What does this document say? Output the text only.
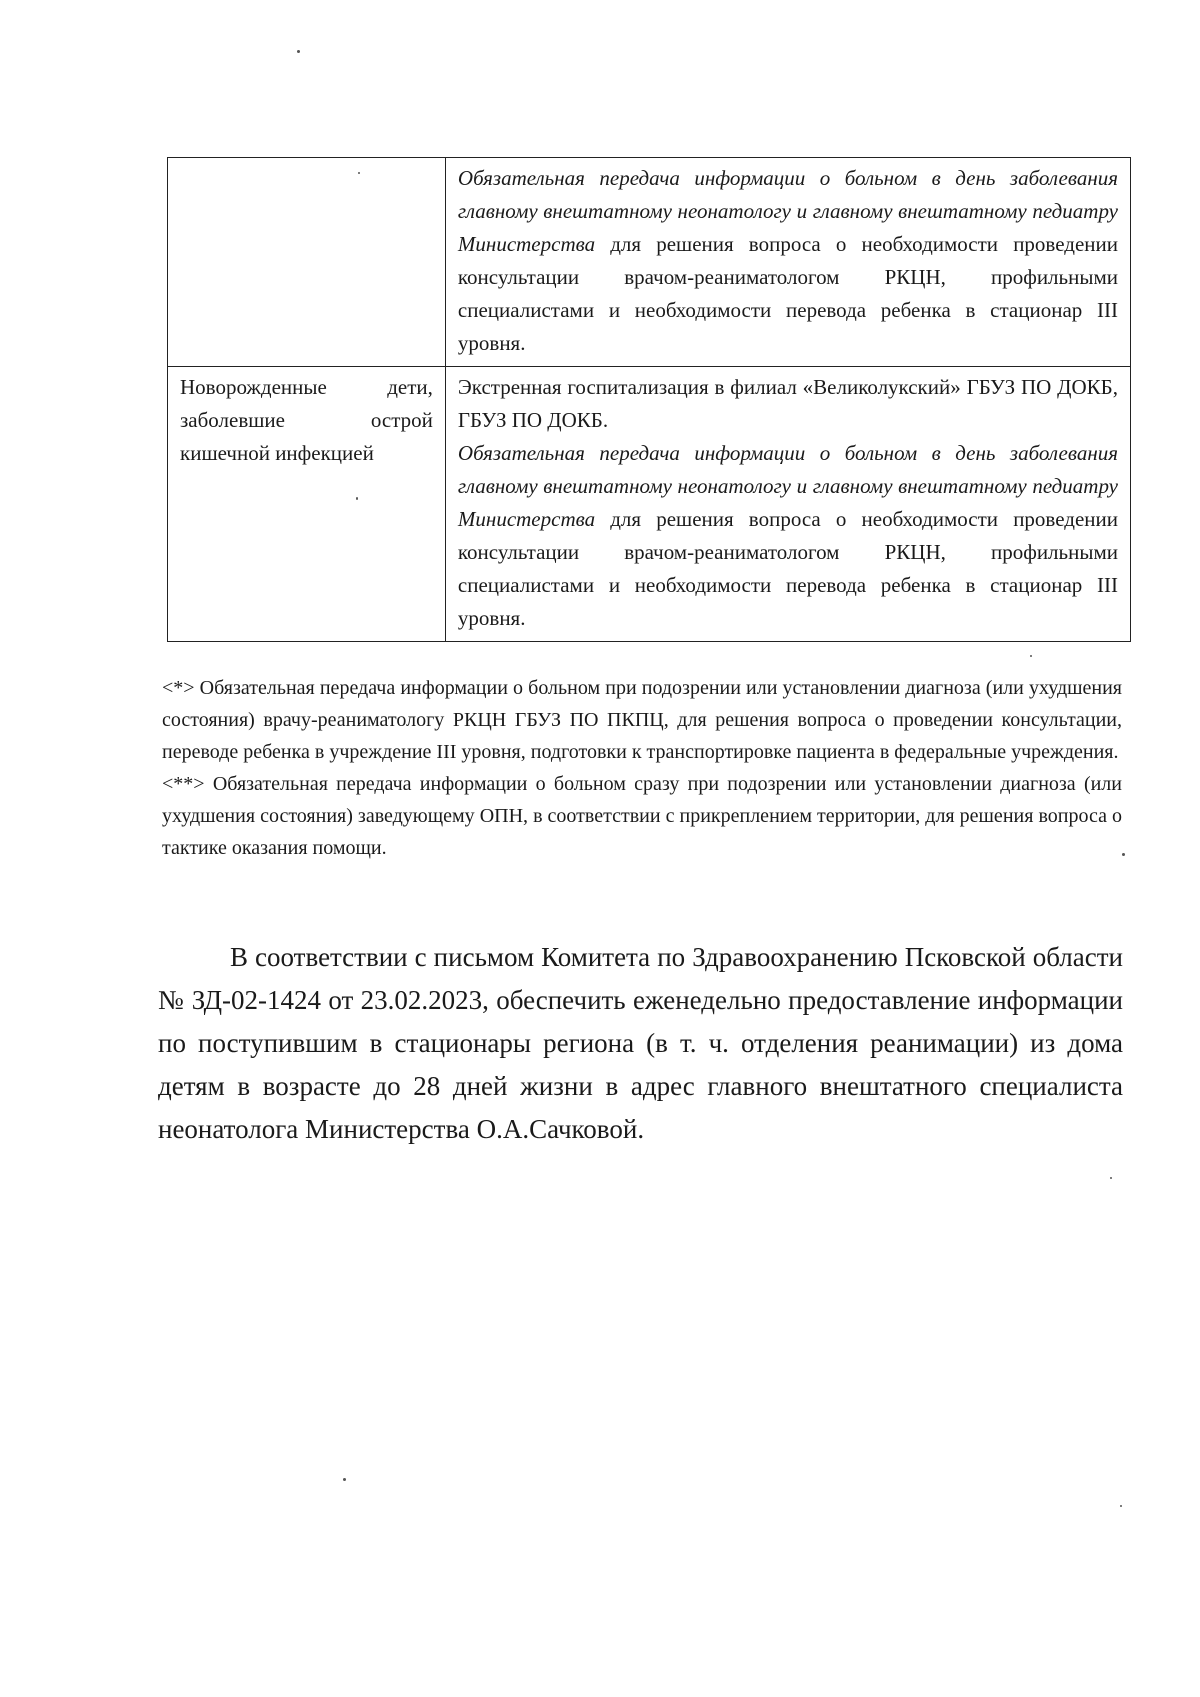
	Обязательная передача информации о больном в день заболевания главному внештатному неонатологу и главному внештатному педиатру Министерства для решения вопроса о необходимости проведении консультации врачом-реаниматологом РКЦН, профильными специалистами и необходимости перевода ребенка в стационар III уровня.
Новорожденные дети, заболевшие острой кишечной инфекцией	Экстренная госпитализация в филиал «Великолукский» ГБУЗ ПО ДОКБ, ГБУЗ ПО ДОКБ.
Обязательная передача информации о больном в день заболевания главному внештатному неонатологу и главному внештатному педиатру Министерства для решения вопроса о необходимости проведении консультации врачом-реаниматологом РКЦН, профильными специалистами и необходимости перевода ребенка в стационар III уровня.

<*> Обязательная передача информации о больном при подозрении или установлении диагноза (или ухудшения состояния) врачу-реаниматологу РКЦН ГБУЗ ПО ПКПЦ, для решения вопроса о проведении консультации, переводе ребенка в учреждение III уровня, подготовки к транспортировке пациента в федеральные учреждения.

<**> Обязательная передача информации о больном сразу при подозрении или установлении диагноза (или ухудшения состояния) заведующему ОПН, в соответствии с прикреплением территории, для решения вопроса о тактике оказания помощи.

В соответствии с письмом Комитета по Здравоохранению Псковской области № ЗД-02-1424 от 23.02.2023, обеспечить еженедельно предоставление информации по поступившим в стационары региона (в т. ч. отделения реанимации) из дома детям в возрасте до 28 дней жизни в адрес главного внештатного специалиста неонатолога Министерства О.А.Сачковой.
